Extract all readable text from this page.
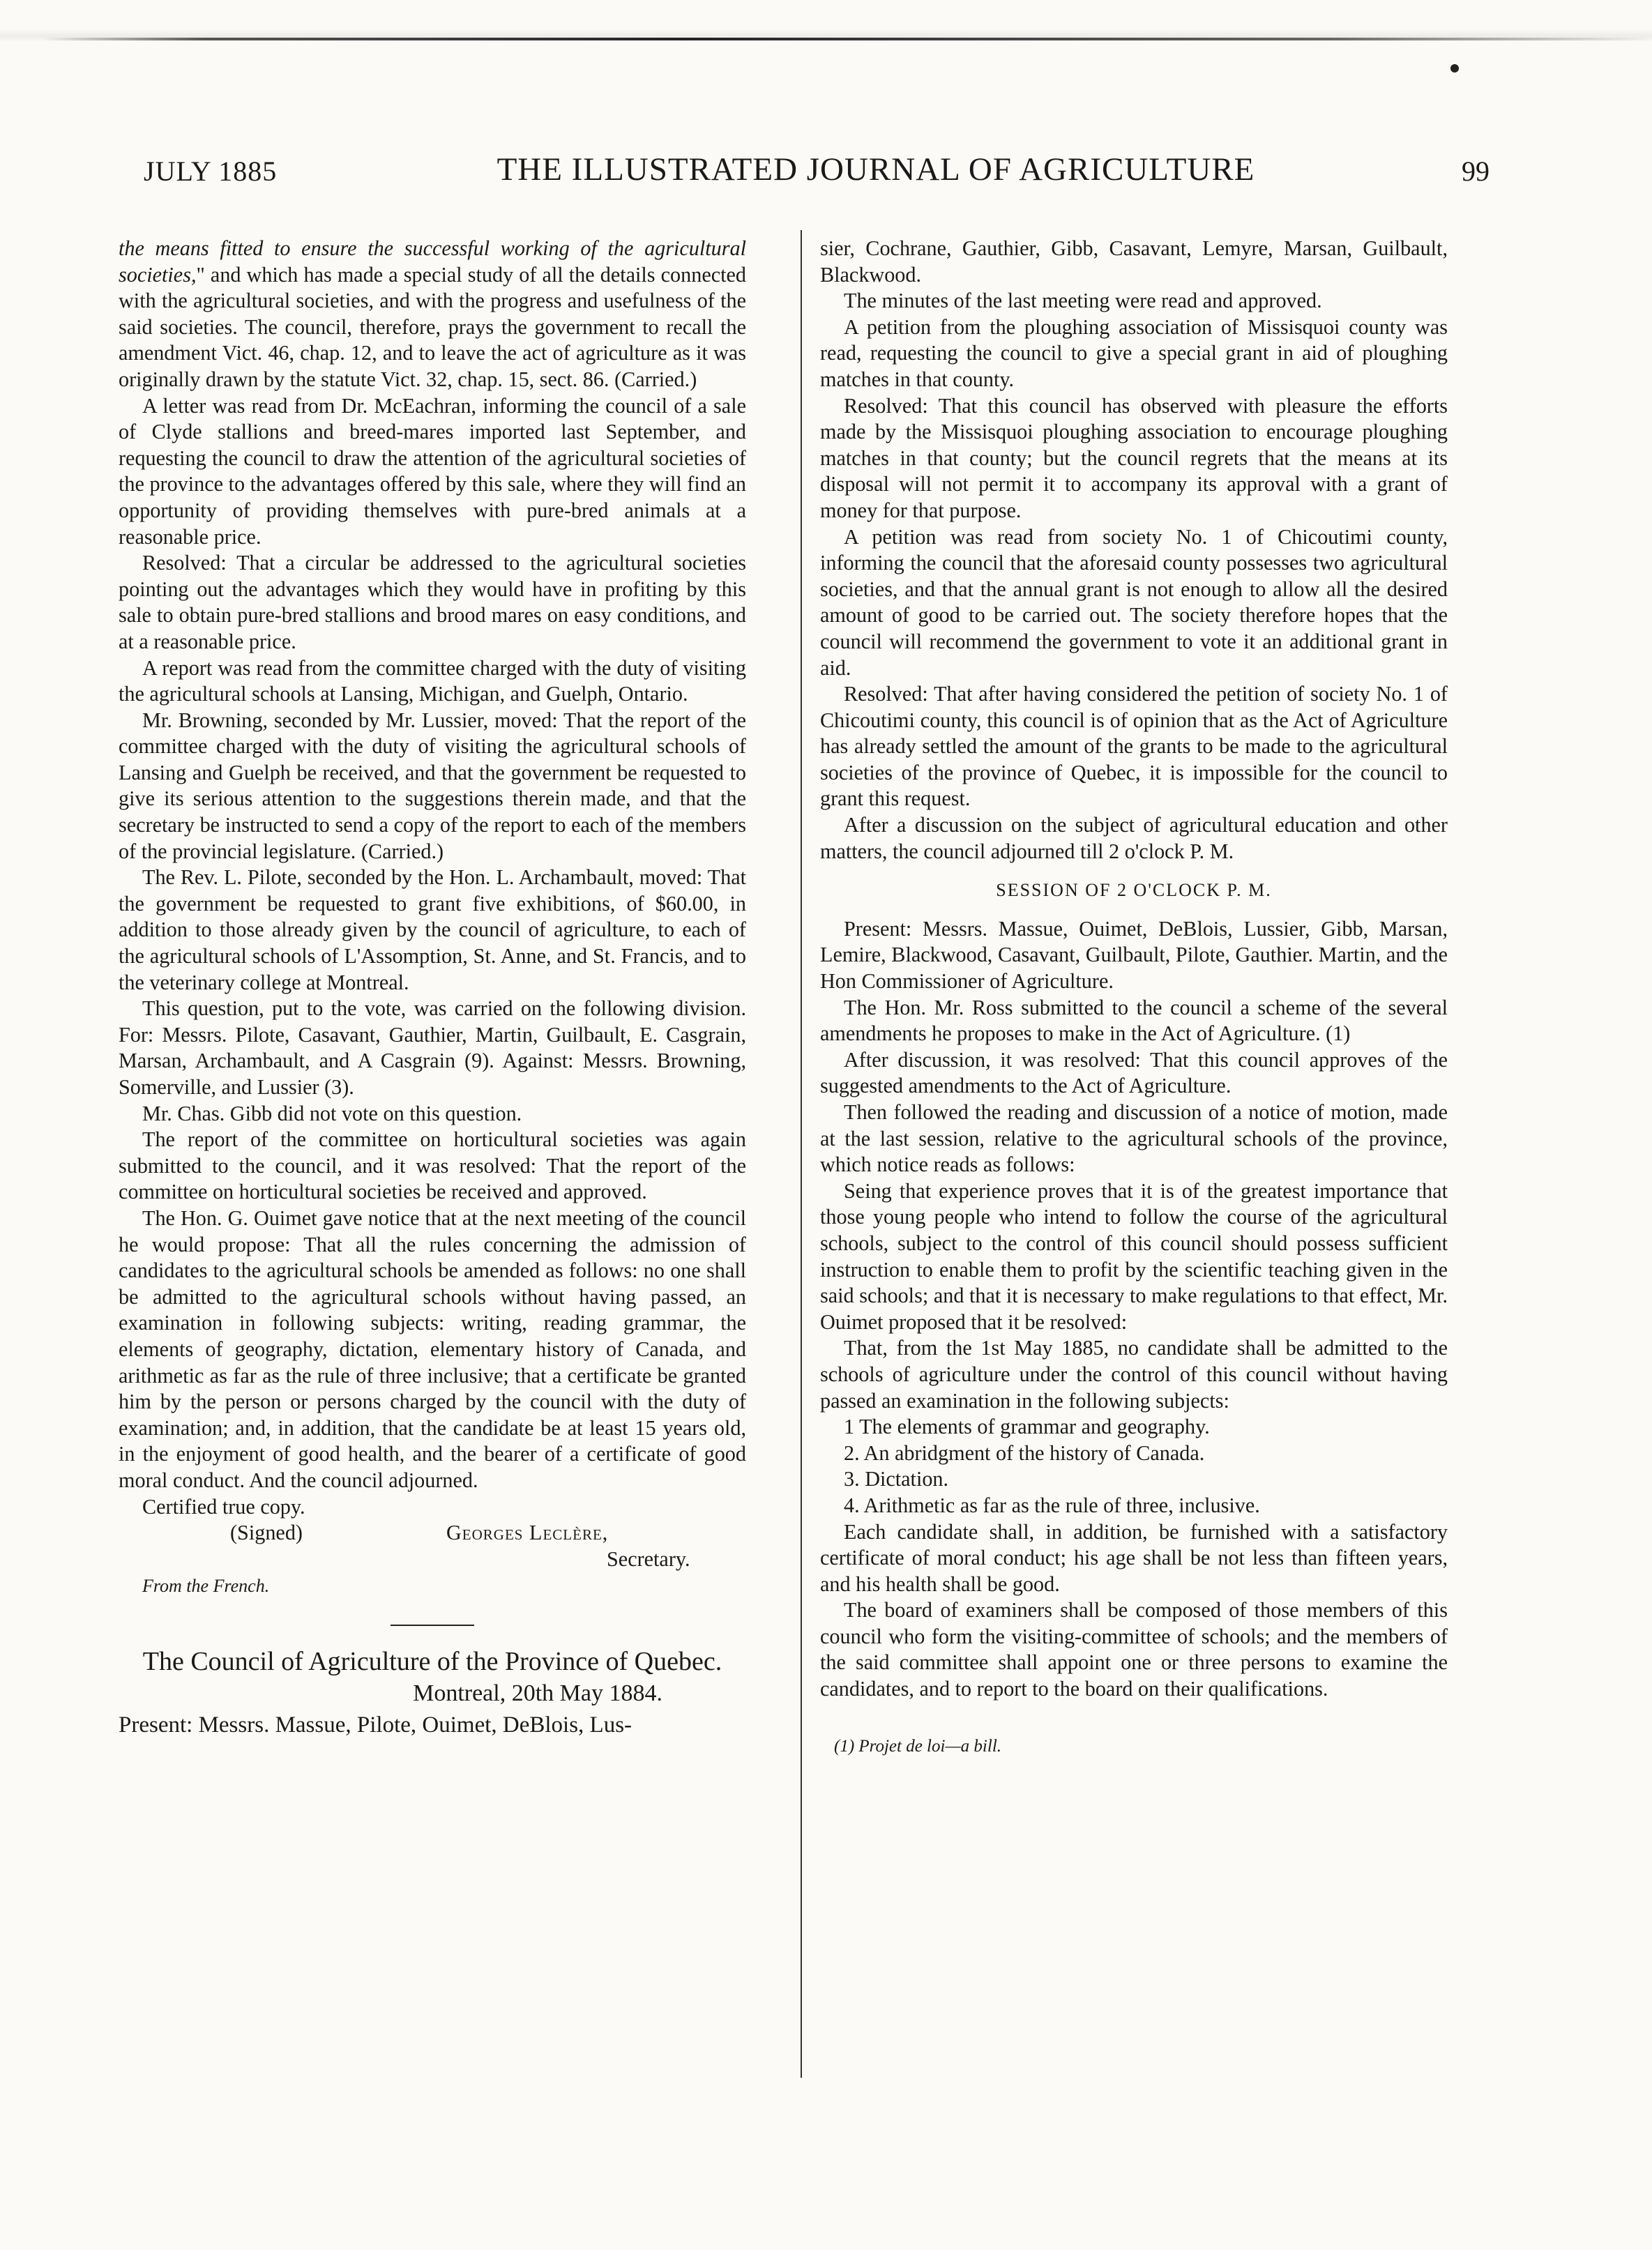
JULY 1885	THE ILLUSTRATED JOURNAL OF AGRICULTURE	99

the means fitted to ensure the successful working of the agricultural societies," and which has made a special study of all the details connected with the agricultural societies, and with the progress and usefulness of the said societies. The council, therefore, prays the government to recall the amendment Vict. 46, chap. 12, and to leave the act of agriculture as it was originally drawn by the statute Vict. 32, chap. 15, sect. 86. (Carried.)

A letter was read from Dr. McEachran, informing the council of a sale of Clyde stallions and breed-mares imported last September, and requesting the council to draw the attention of the agricultural societies of the province to the advantages offered by this sale, where they will find an opportunity of providing themselves with pure-bred animals at a reasonable price.

Resolved: That a circular be addressed to the agricultural societies pointing out the advantages which they would have in profiting by this sale to obtain pure-bred stallions and brood mares on easy conditions, and at a reasonable price.

A report was read from the committee charged with the duty of visiting the agricultural schools at Lansing, Michigan, and Guelph, Ontario.

Mr. Browning, seconded by Mr. Lussier, moved: That the report of the committee charged with the duty of visiting the agricultural schools of Lansing and Guelph be received, and that the government be requested to give its serious attention to the suggestions therein made, and that the secretary be instructed to send a copy of the report to each of the members of the provincial legislature. (Carried.)

The Rev. L. Pilote, seconded by the Hon. L. Archambault, moved: That the government be requested to grant five exhibitions, of $60.00, in addition to those already given by the council of agriculture, to each of the agricultural schools of L'Assomption, St. Anne, and St. Francis, and to the veterinary college at Montreal.

This question, put to the vote, was carried on the following division. For: Messrs. Pilote, Casavant, Gauthier, Martin, Guilbault, E. Casgrain, Marsan, Archambault, and A Casgrain (9). Against: Messrs. Browning, Somerville, and Lussier (3).

Mr. Chas. Gibb did not vote on this question.

The report of the committee on horticultural societies was again submitted to the council, and it was resolved: That the report of the committee on horticultural societies be received and approved.

The Hon. G. Ouimet gave notice that at the next meeting of the council he would propose: That all the rules concerning the admission of candidates to the agricultural schools be amended as follows: no one shall be admitted to the agricultural schools without having passed, an examination in following subjects: writing, reading grammar, the elements of geography, dictation, elementary history of Canada, and arithmetic as far as the rule of three inclusive; that a certificate be granted him by the person or persons charged by the council with the duty of examination; and, in addition, that the candidate be at least 15 years old, in the enjoyment of good health, and the bearer of a certificate of good moral conduct. And the council adjourned.

Certified true copy.

(Signed)	Georges Leclère,
Secretary.

From the French.

The Council of Agriculture of the Province of Quebec.

Montreal, 20th May 1884.

Present: Messrs. Massue, Pilote, Ouimet, DeBlois, Lus-

sier, Cochrane, Gauthier, Gibb, Casavant, Lemyre, Marsan, Guilbault, Blackwood.

The minutes of the last meeting were read and approved.

A petition from the ploughing association of Missisquoi county was read, requesting the council to give a special grant in aid of ploughing matches in that county.

Resolved: That this council has observed with pleasure the efforts made by the Missisquoi ploughing association to encourage ploughing matches in that county; but the council regrets that the means at its disposal will not permit it to accompany its approval with a grant of money for that purpose.

A petition was read from society No. 1 of Chicoutimi county, informing the council that the aforesaid county possesses two agricultural societies, and that the annual grant is not enough to allow all the desired amount of good to be carried out. The society therefore hopes that the council will recommend the government to vote it an additional grant in aid.

Resolved: That after having considered the petition of society No. 1 of Chicoutimi county, this council is of opinion that as the Act of Agriculture has already settled the amount of the grants to be made to the agricultural societies of the province of Quebec, it is impossible for the council to grant this request.

After a discussion on the subject of agricultural education and other matters, the council adjourned till 2 o'clock P. M.

SESSION OF 2 O'CLOCK P. M.

Present: Messrs. Massue, Ouimet, DeBlois, Lussier, Gibb, Marsan, Lemire, Blackwood, Casavant, Guilbault, Pilote, Gauthier. Martin, and the Hon Commissioner of Agriculture.

The Hon. Mr. Ross submitted to the council a scheme of the several amendments he proposes to make in the Act of Agriculture. (1)

After discussion, it was resolved: That this council approves of the suggested amendments to the Act of Agriculture.

Then followed the reading and discussion of a notice of motion, made at the last session, relative to the agricultural schools of the province, which notice reads as follows:

Seing that experience proves that it is of the greatest importance that those young people who intend to follow the course of the agricultural schools, subject to the control of this council should possess sufficient instruction to enable them to profit by the scientific teaching given in the said schools; and that it is necessary to make regulations to that effect, Mr. Ouimet proposed that it be resolved:

That, from the 1st May 1885, no candidate shall be admitted to the schools of agriculture under the control of this council without having passed an examination in the following subjects:

1 The elements of grammar and geography.

2. An abridgment of the history of Canada.

3. Dictation.

4. Arithmetic as far as the rule of three, inclusive.

Each candidate shall, in addition, be furnished with a satisfactory certificate of moral conduct; his age shall be not less than fifteen years, and his health shall be good.

The board of examiners shall be composed of those members of this council who form the visiting-committee of schools; and the members of the said committee shall appoint one or three persons to examine the candidates, and to report to the board on their qualifications.

(1) Projet de loi—a bill.
